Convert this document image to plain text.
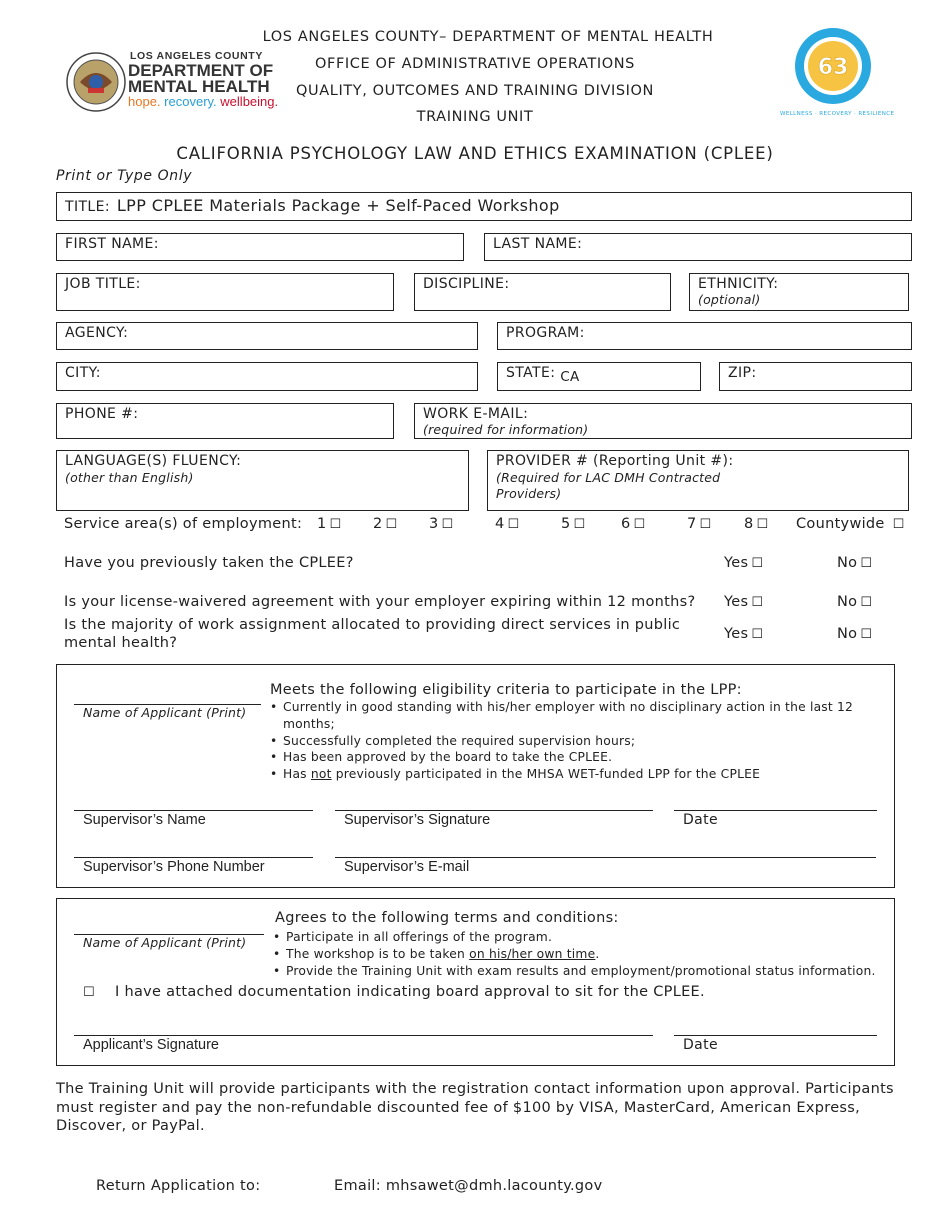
LOS ANGELES COUNTY
DEPARTMENT OF
MENTAL HEALTH
hope. recovery. wellbeing.
63
WELLNESS · RECOVERY · RESILIENCE
LOS ANGELES COUNTY– DEPARTMENT OF MENTAL HEALTH
OFFICE OF ADMINISTRATIVE OPERATIONS
QUALITY, OUTCOMES AND TRAINING DIVISION
TRAINING UNIT
CALIFORNIA PSYCHOLOGY LAW AND ETHICS EXAMINATION (CPLEE)
Print or Type Only
TITLE: LPP CPLEE Materials Package + Self-Paced Workshop
FIRST NAME:	LAST NAME:
JOB TITLE:	DISCIPLINE:	ETHNICITY:
(optional)
AGENCY:	PROGRAM:
CITY:	STATE: CA	ZIP:
PHONE #:	WORK E-MAIL:
(required for information)
LANGUAGE(S) FLUENCY:
(other than English)
PROVIDER # (Reporting Unit #):
(Required for LAC DMH Contracted
Providers)
Service area(s) of employment: 1 ☐ 2 ☐ 3 ☐	4 ☐	5 ☐ 6 ☐	7 ☐ 8 ☐ Countywide ☐
Have you previously taken the CPLEE?	Yes ☐	No ☐
Is your license-waivered agreement with your employer expiring within 12 months? Yes ☐	No ☐
Is the majority of work assignment allocated to providing direct services in public
mental health?
Yes ☐	No ☐
Name of Applicant (Print)
Meets the following eligibility criteria to participate in the LPP:
• Currently in good standing with his/her employer with no disciplinary action in the last 12
months;
• Successfully completed the required supervision hours;
• Has been approved by the board to take the CPLEE.
• Has not previously participated in the MHSA WET-funded LPP for the CPLEE
Supervisor’s Name	Supervisor’s Signature	Date
Supervisor’s Phone Number	Supervisor’s E-mail
Name of Applicant (Print)
Agrees to the following terms and conditions:
• Participate in all offerings of the program.
• The workshop is to be taken on his/her own time.
• Provide the Training Unit with exam results and employment/promotional status information.
☐ I have attached documentation indicating board approval to sit for the CPLEE.
Applicant’s Signature	Date
The Training Unit will provide participants with the registration contact information upon approval. Participants must register and pay the non-refundable discounted fee of $100 by VISA, MasterCard, American Express, Discover, or PayPal.
Return Application to:	Email: mhsawet@dmh.lacounty.gov
